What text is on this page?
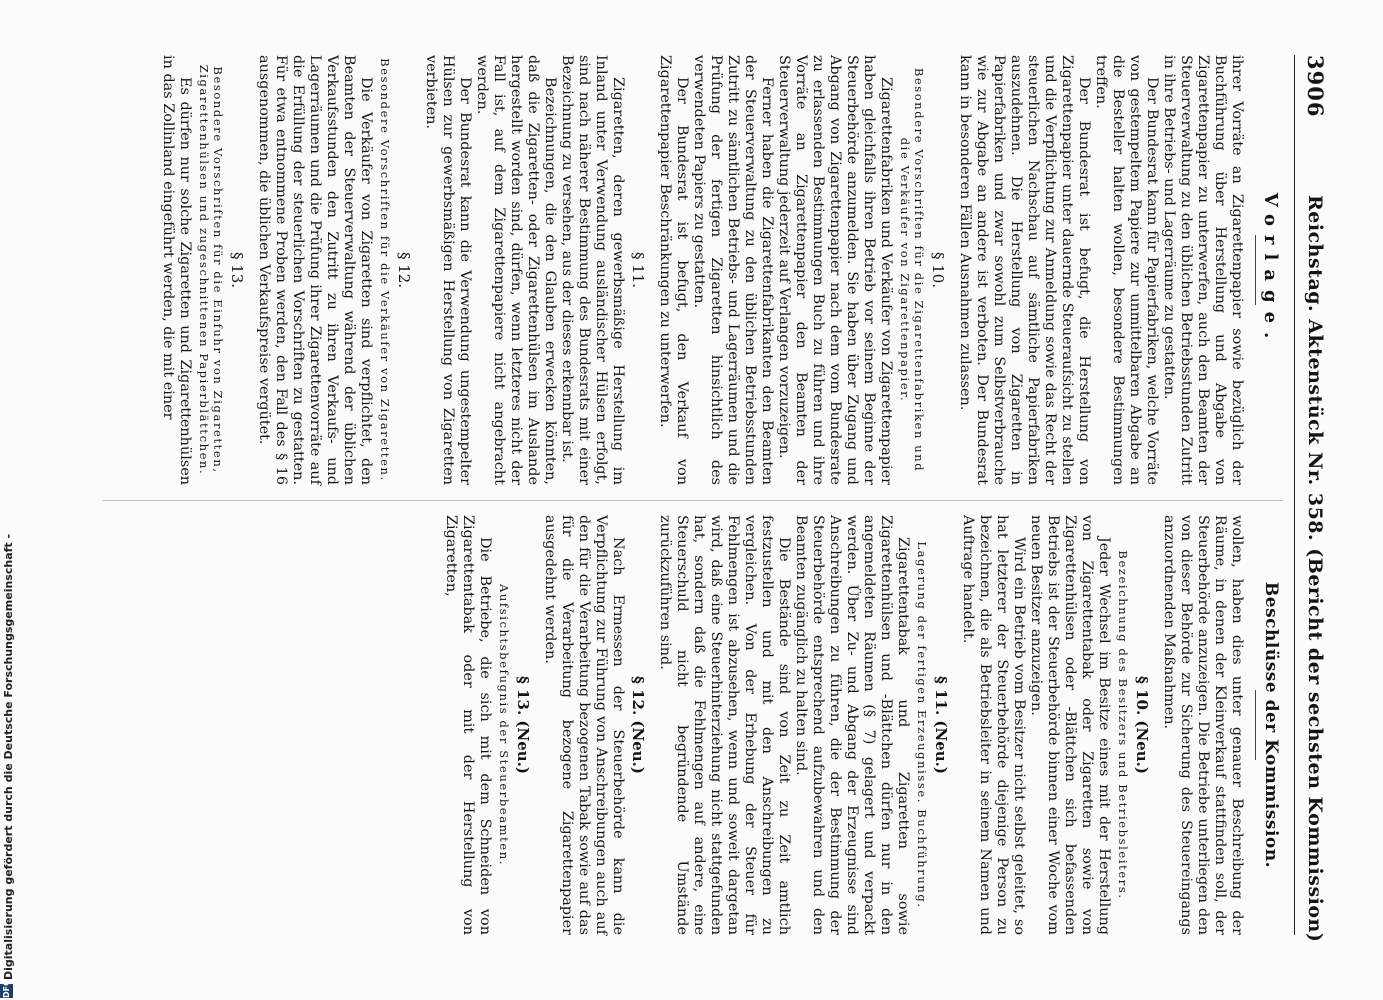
3906
Reichstag. Aktenstück Nr. 358. (Bericht der sechsten Kommission)
Vorlage.

ihrer Vorräte an Zigarettenpapier sowie bezüglich der Buchführung über Herstellung und Abgabe von Zigarettenpapier zu unterwerfen, auch den Beamten der Steuerverwaltung zu den üblichen Betriebsstunden Zutritt in ihre Betriebs- und Lagerräume zu gestatten.

Der Bundesrat kann für Papierfabriken, welche Vorräte von gestempeltem Papiere zur unmittelbaren Abgabe an die Besteller halten wollen, besondere Bestimmungen treffen.

Der Bundesrat ist befugt, die Herstellung von Zigarettenpapier unter dauernde Steueraufsicht zu stellen und die Verpflichtung zur Anmeldung sowie das Recht der steuerlichen Nachschau auf sämtliche Papierfabriken auszudehnen. Die Herstellung von Zigaretten in Papierfabriken und zwar sowohl zum Selbstverbrauche wie zur Abgabe an andere ist verboten. Der Bundesrat kann in besonderen Fällen Ausnahmen zulassen.

§ 10.
Besondere Vorschriften für die Zigarettenfabriken und die Verkäufer von Zigarettenpapier.

Zigarettenfabriken und Verkäufer von Zigarettenpapier haben gleichfalls ihren Betrieb vor seinem Beginne der Steuerbehörde anzumelden. Sie haben über Zugang und Abgang von Zigarettenpapier nach dem vom Bundesrate zu erlassenden Bestimmungen Buch zu führen und ihre Vorräte an Zigarettenpapier den Beamten der Steuerverwaltung jederzeit auf Verlangen vorzuzeigen.

Ferner haben die Zigarettenfabrikanten den Beamten der Steuerverwaltung zu den üblichen Betriebsstunden Zutritt zu sämtlichen Betriebs- und Lagerräumen und die Prüfung der fertigen Zigaretten hinsichtlich des verwendeten Papiers zu gestatten.

Der Bundesrat ist befugt, den Verkauf von Zigarettenpapier Beschränkungen zu unterwerfen.

§ 11.

Zigaretten, deren gewerbsmäßige Herstellung im Inland unter Verwendung ausländischer Hülsen erfolgt, sind nach näherer Bestimmung des Bundesrats mit einer Bezeichnung zu versehen, aus der dieses erkennbar ist.

Bezeichnungen, die den Glauben erwecken könnten, daß die Zigaretten- oder Zigarettenhülsen im Auslande hergestellt worden sind, dürfen, wenn letzteres nicht der Fall ist, auf dem Zigarettenpapiere nicht angebracht werden.

Der Bundesrat kann die Verwendung ungestempelter Hülsen zur gewerbsmäßigen Herstellung von Zigaretten verbieten.

§ 12.
Besondere Vorschriften für die Verkäufer von Zigaretten.

Die Verkäufer von Zigaretten sind verpflichtet, den Beamten der Steuerverwaltung während der üblichen Verkaufsstunden den Zutritt zu ihren Verkaufs- und Lagerräumen und die Prüfung ihrer Zigarettenvorräte auf die Erfüllung der steuerlichen Vorschriften zu gestatten. Für etwa entnommene Proben werden, den Fall des § 16 ausgenommen, die üblichen Verkaufspreise vergütet.

§ 13.
Besondere Vorschriften für die Einfuhr von Zigaretten, Zigarettenhülsen und zugeschnittenen Papierblättchen.

Es dürfen nur solche Zigaretten und Zigarettenhülsen in das Zollinland eingeführt werden, die mit einer

Beschlüsse der Kommission.

wollen, haben dies unter genauer Beschreibung der Räume, in denen der Kleinverkauf stattfinden soll, der Steuerbehörde anzuzeigen. Die Betriebe unterliegen den von dieser Behörde zur Sicherung des Steuereingangs anzuordnenden Maßnahmen.

§ 10. (Neu.)
Bezeichnung des Besitzers und Betriebsleiters.

Jeder Wechsel im Besitze eines mit der Herstellung von Zigarettentabak oder Zigaretten sowie von Zigarettenhülsen oder -Blättchen sich befassenden Betriebs ist der Steuerbehörde binnen einer Woche vom neuen Besitzer anzuzeigen.

Wird ein Betrieb vom Besitzer nicht selbst geleitet, so hat letzterer der Steuerbehörde diejenige Person zu bezeichnen, die als Betriebsleiter in seinem Namen und Auftrage handelt.

§ 11. (Neu.)
Lagerung der fertigen Erzeugnisse. Buchführung.

Zigarettentabak und Zigaretten sowie Zigarettenhülsen und -Blättchen dürfen nur in den angemeldeten Räumen (§ 7) gelagert und verpackt werden. Über Zu- und Abgang der Erzeugnisse sind Anschreibungen zu führen, die der Bestimmung der Steuerbehörde entsprechend aufzubewahren und den Beamten zugänglich zu halten sind.

Die Bestände sind von Zeit zu Zeit amtlich festzustellen und mit den Anschreibungen zu vergleichen. Von der Erhebung der Steuer für Fehlmengen ist abzusehen, wenn und soweit dargetan wird, daß eine Steuerhinterziehung nicht stattgefunden hat, sondern daß die Fehlmengen auf andere, eine Steuerschuld nicht begründende Umstände zurückzuführen sind.

§ 12. (Neu.)

Nach Ermessen der Steuerbehörde kann die Verpflichtung zur Führung von Anschreibungen auch auf den für die Verarbeitung bezogenen Tabak sowie auf das für die Verarbeitung bezogene Zigarettenpapier ausgedehnt werden.

§ 13. (Neu.)
Aufsichtsbefugnis der Steuerbeamten.

Die Betriebe, die sich mit dem Schneiden von Zigarettentabak oder mit der Herstellung von Zigaretten,

DFG
Digitalisierung gefördert durch die Deutsche Forschungsgemeinschaft -
